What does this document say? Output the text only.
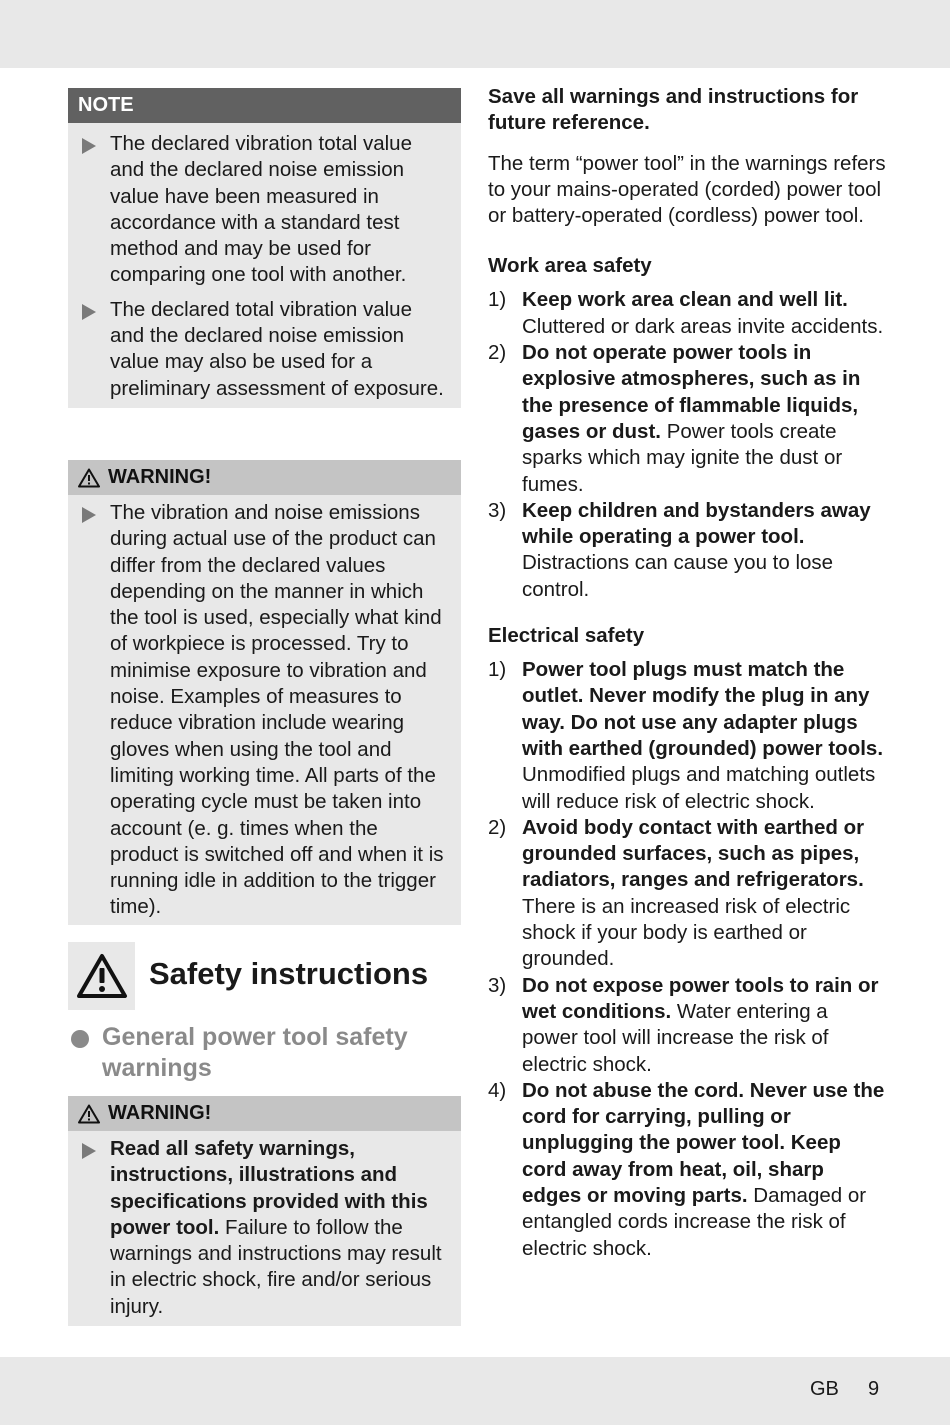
NOTE
The declared vibration total value and the declared noise emission value have been measured in accordance with a standard test method and may be used for comparing one tool with another.
The declared total vibration value and the declared noise emission value may also be used for a preliminary assessment of exposure.
WARNING!
The vibration and noise emissions during actual use of the product can differ from the declared values depending on the manner in which the tool is used, especially what kind of workpiece is processed. Try to minimise exposure to vibration and noise. Examples of measures to reduce vibration include wearing gloves when using the tool and limiting working time. All parts of the operating cycle must be taken into account (e. g. times when the product is switched off and when it is running idle in addition to the trigger time).
Safety instructions
General power tool safety warnings
WARNING!
Read all safety warnings, instructions, illustrations and specifications provided with this power tool. Failure to follow the warnings and instructions may result in electric shock, fire and/or serious injury.

Save all warnings and instructions for future reference.

The term “power tool” in the warnings refers to your mains-operated (corded) power tool or battery-operated (cordless) power tool.

Work area safety

1) Keep work area clean and well lit. Cluttered or dark areas invite accidents.
2) Do not operate power tools in explosive atmospheres, such as in the presence of flammable liquids, gases or dust. Power tools create sparks which may ignite the dust or fumes.
3) Keep children and bystanders away while operating a power tool. Distractions can cause you to lose control.

Electrical safety

1) Power tool plugs must match the outlet. Never modify the plug in any way. Do not use any adapter plugs with earthed (grounded) power tools. Unmodified plugs and matching outlets will reduce risk of electric shock.
2) Avoid body contact with earthed or grounded surfaces, such as pipes, radiators, ranges and refrigerators. There is an increased risk of electric shock if your body is earthed or grounded.
3) Do not expose power tools to rain or wet conditions. Water entering a power tool will increase the risk of electric shock.
4) Do not abuse the cord. Never use the cord for carrying, pulling or unplugging the power tool. Keep cord away from heat, oil, sharp edges or moving parts. Damaged or entangled cords increase the risk of electric shock.
GB 9
